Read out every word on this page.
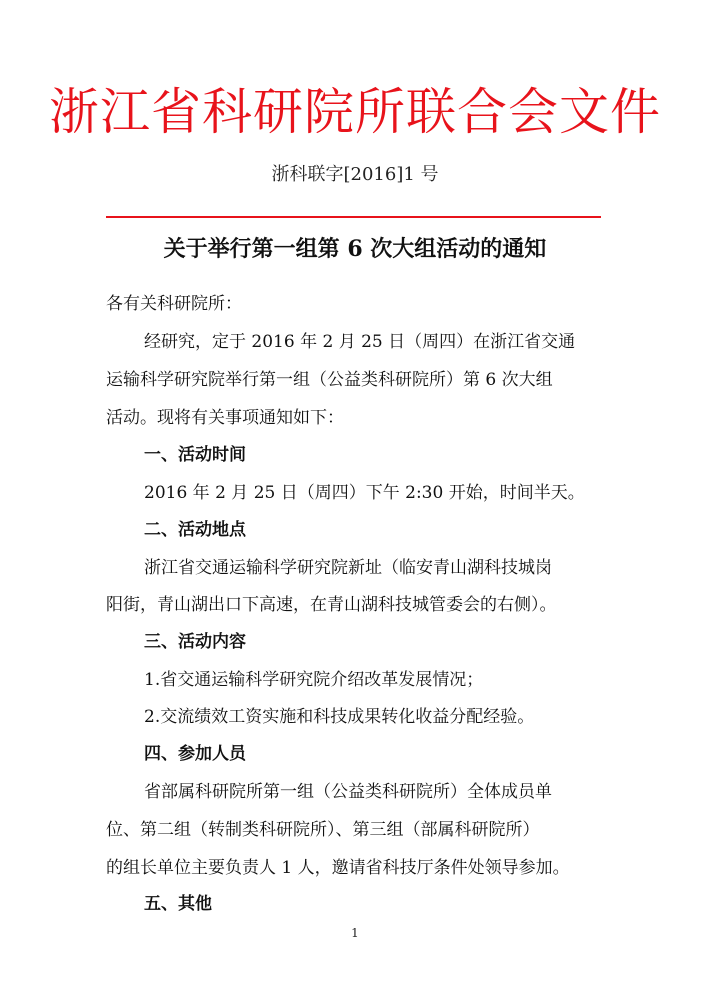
浙江省科研院所联合会文件
浙科联字[2016]1 号
关于举行第一组第 6 次大组活动的通知
各有关科研院所：
经研究，定于 2016 年 2 月 25 日（周四）在浙江省交通
运输科学研究院举行第一组（公益类科研院所）第 6 次大组
活动。现将有关事项通知如下：
一、活动时间
2016 年 2 月 25 日（周四）下午 2:30 开始，时间半天。
二、活动地点
浙江省交通运输科学研究院新址（临安青山湖科技城岗
阳街，青山湖出口下高速，在青山湖科技城管委会的右侧）。
三、活动内容
1.省交通运输科学研究院介绍改革发展情况；
2.交流绩效工资实施和科技成果转化收益分配经验。
四、参加人员
省部属科研院所第一组（公益类科研院所）全体成员单
位、第二组（转制类科研院所）、第三组（部属科研院所）
的组长单位主要负责人 1 人，邀请省科技厅条件处领导参加。
五、其他
1
